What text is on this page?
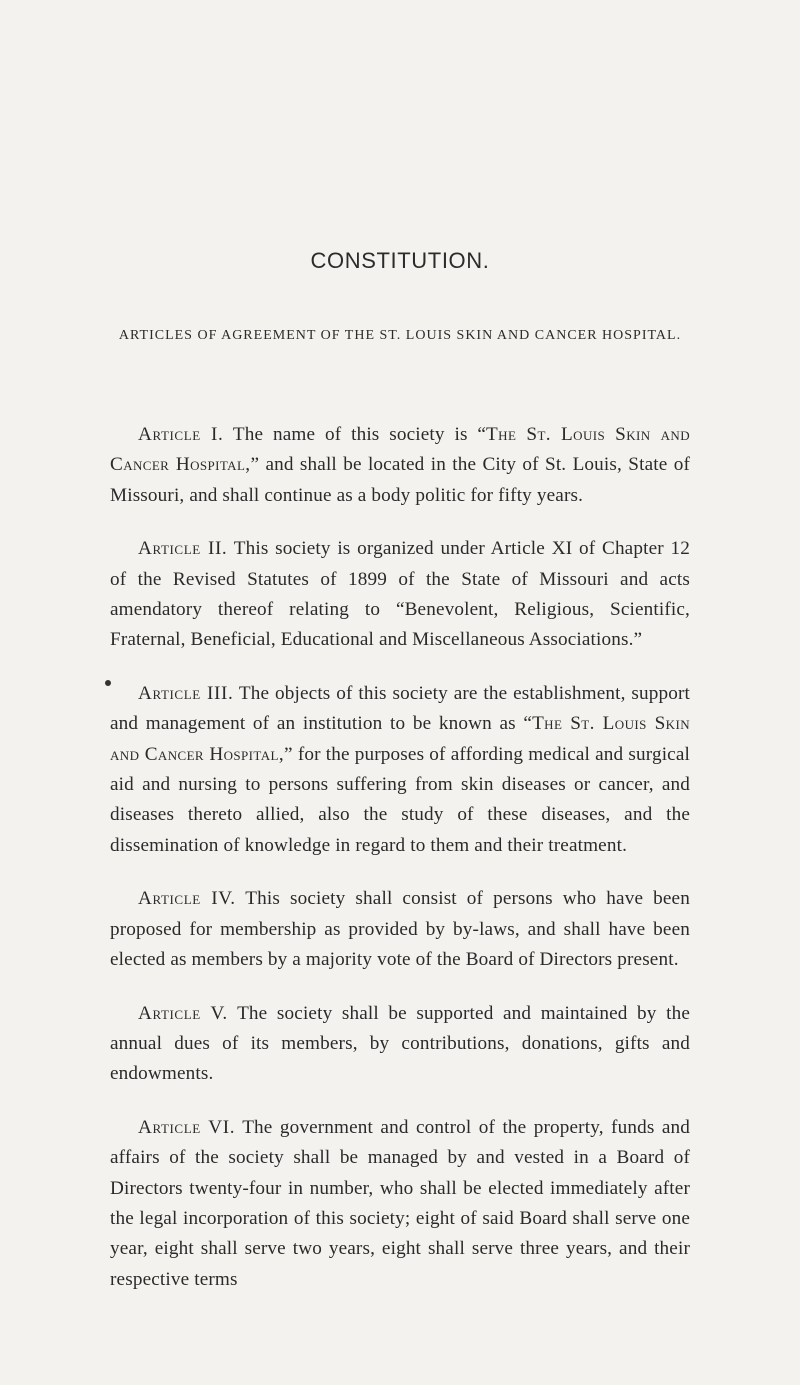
CONSTITUTION.
ARTICLES OF AGREEMENT OF THE ST. LOUIS SKIN AND CANCER HOSPITAL.

Article I. The name of this society is “The St. Louis Skin and Cancer Hospital,” and shall be located in the City of St. Louis, State of Missouri, and shall continue as a body politic for fifty years.

Article II. This society is organized under Article XI of Chapter 12 of the Revised Statutes of 1899 of the State of Missouri and acts amendatory thereof relating to “Benevolent, Religious, Scientific, Fraternal, Beneficial, Educational and Miscellaneous Associations.”

Article III. The objects of this society are the establishment, support and management of an institution to be known as “The St. Louis Skin and Cancer Hospital,” for the purposes of affording medical and surgical aid and nursing to persons suffering from skin diseases or cancer, and diseases thereto allied, also the study of these diseases, and the dissemination of knowledge in regard to them and their treatment.

Article IV. This society shall consist of persons who have been proposed for membership as provided by by-laws, and shall have been elected as members by a majority vote of the Board of Directors present.

Article V. The society shall be supported and maintained by the annual dues of its members, by contributions, donations, gifts and endowments.

Article VI. The government and control of the property, funds and affairs of the society shall be managed by and vested in a Board of Directors twenty-four in number, who shall be elected immediately after the legal incorporation of this society; eight of said Board shall serve one year, eight shall serve two years, eight shall serve three years, and their respective terms
